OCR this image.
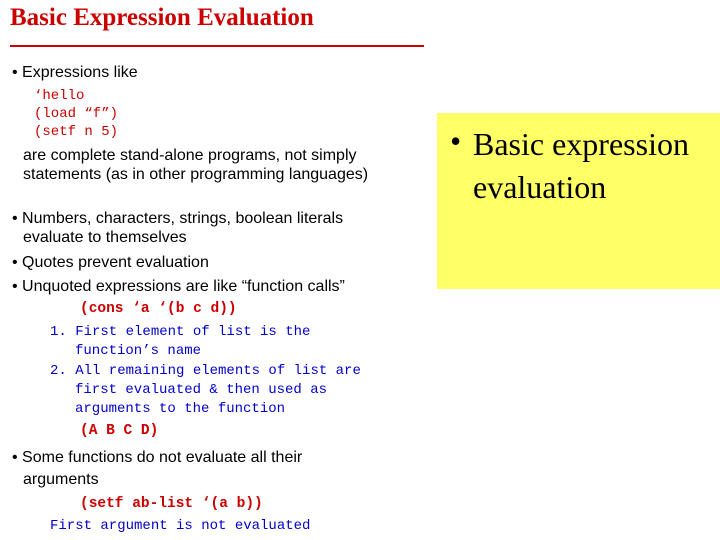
Basic Expression Evaluation
• Expressions like
‘hello
(load “f”)
(setf n 5)
are complete stand-alone programs, not simply
statements (as in other programming languages)
• Numbers, characters, strings, boolean literals
evaluate to themselves
• Quotes prevent evaluation
• Unquoted expressions are like “function calls”
(cons ‘a ‘(b c d))
1. First element of list is the
function’s name
2. All remaining elements of list are
first evaluated & then used as
arguments to the function
(A B C D)
• Some functions do not evaluate all their
arguments
(setf ab-list ‘(a b))
First argument is not evaluated
• Basic expression evaluation
